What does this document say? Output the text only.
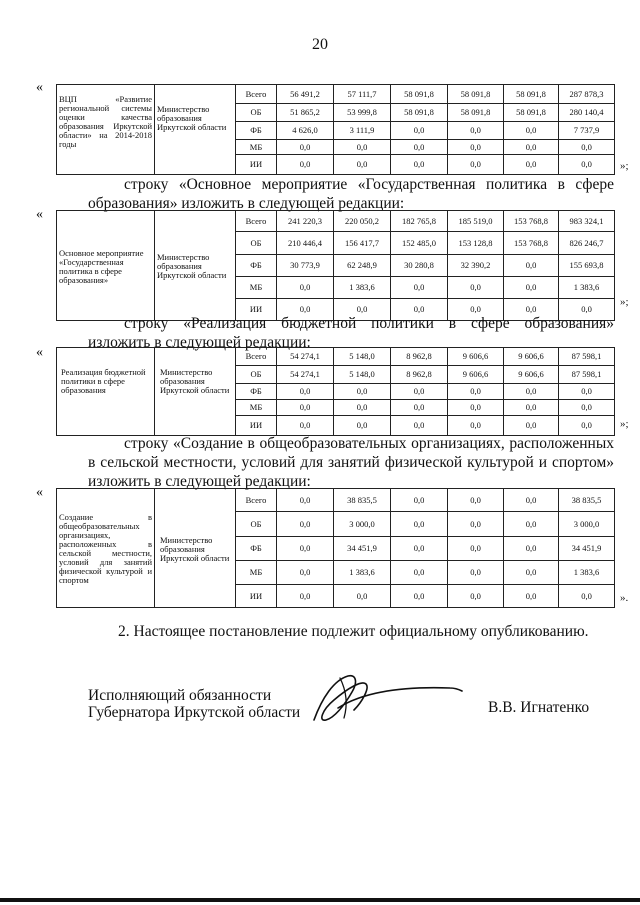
20
«
ВЦП «Развитие региональной системы оценки качества образования Иркутской области» на 2014-2018 годы	Министерство образования Иркутской области	Всего	56 491,2	57 111,7	58 091,8	58 091,8	58 091,8	287 878,3
		ОБ	51 865,2	53 999,8	58 091,8	58 091,8	58 091,8	280 140,4
		ФБ	4 626,0	3 111,9	0,0	0,0	0,0	7 737,9
		МБ	0,0	0,0	0,0	0,0	0,0	0,0
		ИИ	0,0	0,0	0,0	0,0	0,0	0,0	»;
строку «Основное мероприятие «Государственная политика в сфере образования» изложить в следующей редакции:
«
Основное мероприятие «Государственная политика в сфере образования»	Министерство образования Иркутской области	Всего	241 220,3	220 050,2	182 765,8	185 519,0	153 768,8	983 324,1
		ОБ	210 446,4	156 417,7	152 485,0	153 128,8	153 768,8	826 246,7
		ФБ	30 773,9	62 248,9	30 280,8	32 390,2	0,0	155 693,8
		МБ	0,0	1 383,6	0,0	0,0	0,0	1 383,6
		ИИ	0,0	0,0	0,0	0,0	0,0	0,0
»;
строку «Реализация бюджетной политики в сфере образования» изложить в следующей редакции:
«
Реализация бюджетной политики в сфере образования	Министерство образования Иркутской области	Всего	54 274,1	5 148,0	8 962,8	9 606,6	9 606,6	87 598,1
		ОБ	54 274,1	5 148,0	8 962,8	9 606,6	9 606,6	87 598,1
		ФБ	0,0	0,0	0,0	0,0	0,0	0,0
		МБ	0,0	0,0	0,0	0,0	0,0	0,0
		ИИ	0,0	0,0	0,0	0,0	0,0	0,0	»;
строку «Создание в общеобразовательных организациях, расположенных в сельской местности, условий для занятий физической культурой и спортом» изложить в следующей редакции:
«
Создание в общеобразовательных организациях, расположенных в сельской местности, условий для занятий физической культурой и спортом	Министерство образования Иркутской области	Всего	0,0	38 835,5	0,0	0,0	0,0	38 835,5
		ОБ	0,0	3 000,0	0,0	0,0	0,0	3 000,0
		ФБ	0,0	34 451,9	0,0	0,0	0,0	34 451,9
		МБ	0,0	1 383,6	0,0	0,0	0,0	1 383,6
		ИИ	0,0	0,0	0,0	0,0	0,0	0,0	».
2. Настоящее постановление подлежит официальному опубликованию.
Исполняющий обязанности
Губернатора Иркутской области	В.В. Игнатенко
